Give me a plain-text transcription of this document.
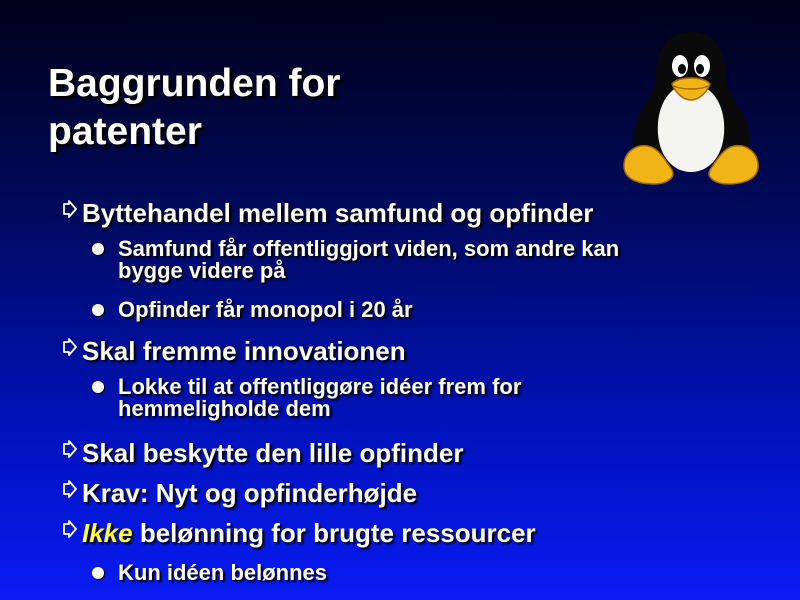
Baggrunden for
patenter
Byttehandel mellem samfund og opfinder
Samfund får offentliggjort viden, som andre kan
bygge videre på
Opfinder får monopol i 20 år
Skal fremme innovationen
Lokke til at offentliggøre idéer frem for
hemmeligholde dem
Skal beskytte den lille opfinder
Krav: Nyt og opfinderhøjde
Ikke belønning for brugte ressourcer
Kun idéen belønnes
